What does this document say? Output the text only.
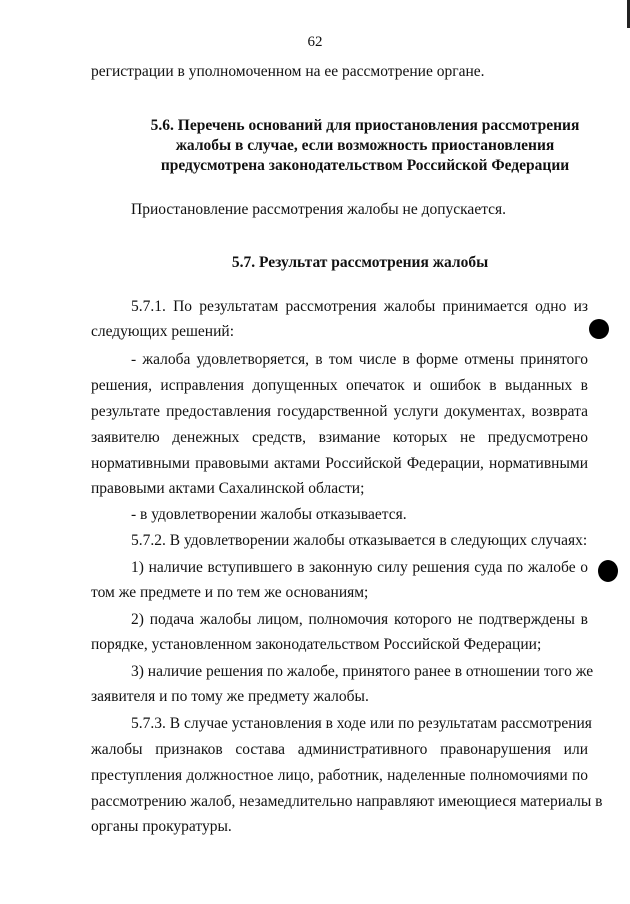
62
регистрации в уполномоченном на ее рассмотрение органе.
5.6. Перечень оснований для приостановления рассмотрения
жалобы в случае, если возможность приостановления
предусмотрена законодательством Российской Федерации
Приостановление рассмотрения жалобы не допускается.
5.7. Результат рассмотрения жалобы
5.7.1. По результатам рассмотрения жалобы принимается одно из
следующих решений:
- жалоба удовлетворяется, в том числе в форме отмены принятого
решения, исправления допущенных опечаток и ошибок в выданных в
результате предоставления государственной услуги документах, возврата
заявителю денежных средств, взимание которых не предусмотрено
нормативными правовыми актами Российской Федерации, нормативными
правовыми актами Сахалинской области;
- в удовлетворении жалобы отказывается.
5.7.2. В удовлетворении жалобы отказывается в следующих случаях:
1) наличие вступившего в законную силу решения суда по жалобе о
том же предмете и по тем же основаниям;
2) подача жалобы лицом, полномочия которого не подтверждены в
порядке, установленном законодательством Российской Федерации;
3) наличие решения по жалобе, принятого ранее в отношении того же
заявителя и по тому же предмету жалобы.
5.7.3. В случае установления в ходе или по результатам рассмотрения
жалобы признаков состава административного правонарушения или
преступления должностное лицо, работник, наделенные полномочиями по
рассмотрению жалоб, незамедлительно направляют имеющиеся материалы в
органы прокуратуры.
